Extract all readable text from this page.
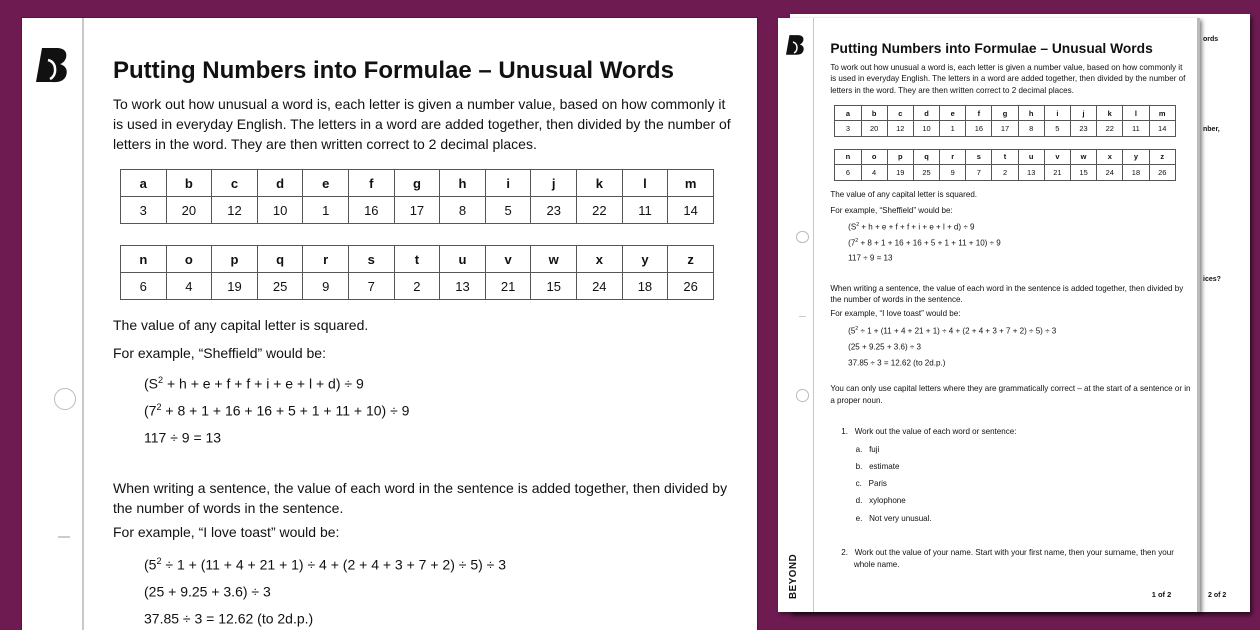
Putting Numbers into Formulae – Unusual Words
To work out how unusual a word is, each letter is given a number value, based on how commonly it is used in everyday English. The letters in a word are added together, then divided by the number of letters in the word. They are then written correct to 2 decimal places.
a	b	c	d	e	f	g	h	i	j	k	l	m
3	20	12	10	1	16	17	8	5	23	22	11	14
n	o	p	q	r	s	t	u	v	w	x	y	z
6	4	19	25	9	7	2	13	21	15	24	18	26
The value of any capital letter is squared.
For example, “Sheffield” would be:
$(S^2 + h + e + f + f + i + e + l + d) \div 9$
$(7^2 + 8 + 1 + 16 + 16 + 5 + 1 + 11 + 10) \div 9$
117 ÷ 9 = 13
$(5^2 \div 1 + (11 + 4 + 21 + 1) \div 4 + (2 + 4 + 3 + 7 + 2) \div 5) \div 3$
(25 + 9.25 + 3.6) ÷ 3
37.85 ÷ 3 = 12.62 (to 2d.p.)
When writing a sentence, the value of each word in the sentence is added together, then divided by the number of words in the sentence.
For example, “I love toast” would be:
ords
nber,
ices?
2 of 2
BEYOND
Putting Numbers into Formulae – Unusual Words
To work out how unusual a word is, each letter is given a number value, based on how commonly it is used in everyday English. The letters in a word are added together, then divided by the number of letters in the word. They are then written correct to 2 decimal places.
a	b	c	d	e	f	g	h	i	j	k	l	m
3	20	12	10	1	16	17	8	5	23	22	11	14
n	o	p	q	r	s	t	u	v	w	x	y	z
6	4	19	25	9	7	2	13	21	15	24	18	26
The value of any capital letter is squared.
For example, “Sheffield” would be:
$(S^2 + h + e + f + f + i + e + l + d) \div 9$
$(7^2 + 8 + 1 + 16 + 16 + 5 + 1 + 11 + 10) \div 9$
117 ÷ 9 = 13
$(5^2 \div 1 + (11 + 4 + 21 + 1) \div 4 + (2 + 4 + 3 + 7 + 2) \div 5) \div 3$
(25 + 9.25 + 3.6) ÷ 3
37.85 ÷ 3 = 12.62 (to 2d.p.)
When writing a sentence, the value of each word in the sentence is added together, then divided by the number of words in the sentence.
For example, “I love toast” would be:
You can only use capital letters where they are grammatically correct – at the start of a sentence or in a proper noun.
1. Work out the value of each word or sentence:
a. fuji
b. estimate
c. Paris
d. xylophone
e. Not very unusual.
2. Work out the value of your name. Start with your first name, then your surname, then your whole name.
1 of 2
